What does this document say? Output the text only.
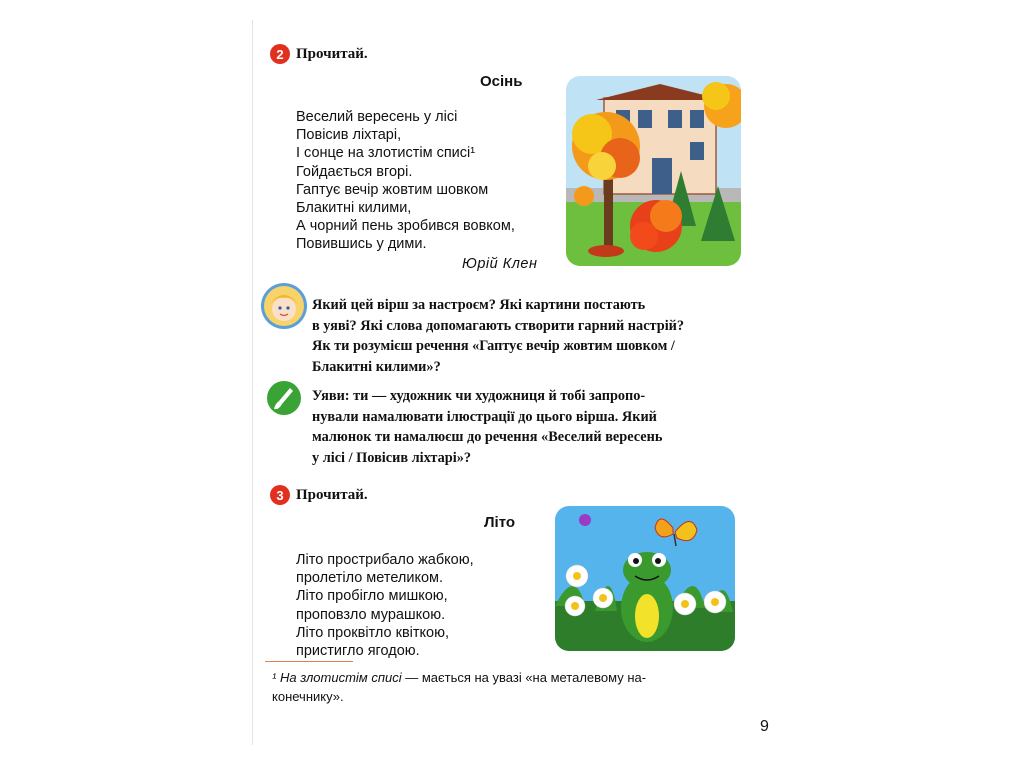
2 Прочитай.
Осінь
Веселий вересень у лісі
Повісив ліхтарі,
І сонце на злотистім списі¹
Гойдається вгорі.
Гаптує вечір жовтим шовком
Блакитні килими,
А чорний пень зробився вовком,
Повившись у дими.
Юрій Клен
Який цей вірш за настроєм? Які картини постають
в уяві? Які слова допомагають створити гарний настрій?
Як ти розумієш речення «Гаптує вечір жовтим шовком /
Блакитні килими»?
Уяви: ти — художник чи художниця й тобі запропо-
нували намалювати ілюстрації до цього вірша. Який
малюнок ти намалюєш до речення «Веселий вересень
у лісі / Повісив ліхтарі»?
3 Прочитай.
Літо
Літо прострибало жабкою,
пролетіло метеликом.
Літо пробігло мишкою,
проповзло мурашкою.
Літо проквітло квіткою,
пристигло ягодою.
¹ На злотистім списі — мається на увазі «на металевому на-
конечнику».
9
